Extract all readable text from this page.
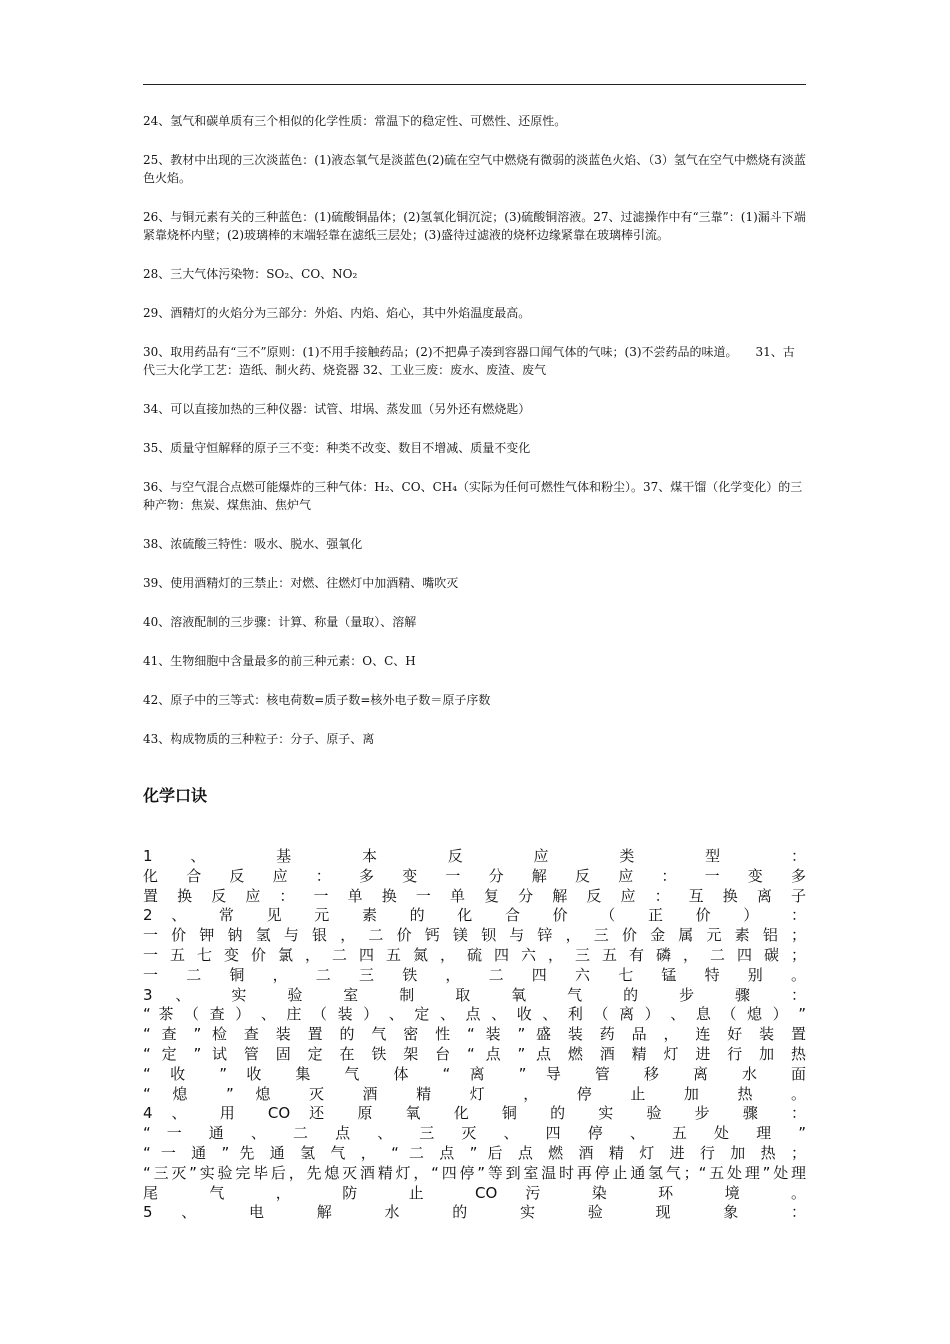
24、氢气和碳单质有三个相似的化学性质：常温下的稳定性、可燃性、还原性。

25、教材中出现的三次淡蓝色：(1)液态氧气是淡蓝色(2)硫在空气中燃烧有微弱的淡蓝色火焰、（3）氢气在空气中燃烧有淡蓝色火焰。

26、与铜元素有关的三种蓝色：(1)硫酸铜晶体；(2)氢氧化铜沉淀；(3)硫酸铜溶液。27、过滤操作中有“三靠”：(1)漏斗下端紧靠烧杯内壁；(2)玻璃棒的末端轻靠在滤纸三层处；(3)盛待过滤液的烧杯边缘紧靠在玻璃棒引流。

28、三大气体污染物：SO₂、CO、NO₂

29、酒精灯的火焰分为三部分：外焰、内焰、焰心，其中外焰温度最高。

30、取用药品有“三不”原则：(1)不用手接触药品；(2)不把鼻子凑到容器口闻气体的气味；(3)不尝药品的味道。　　31、古代三大化学工艺：造纸、制火药、烧瓷器 32、工业三废：废水、废渣、废气

34、可以直接加热的三种仪器：试管、坩埚、蒸发皿（另外还有燃烧匙）

35、质量守恒解释的原子三不变：种类不改变、数目不增减、质量不变化

36、与空气混合点燃可能爆炸的三种气体：H₂、CO、CH₄（实际为任何可燃性气体和粉尘）。37、煤干馏（化学变化）的三种产物：焦炭、煤焦油、焦炉气

38、浓硫酸三特性：吸水、脱水、强氧化

39、使用酒精灯的三禁止：对燃、往燃灯中加酒精、嘴吹灭

40、溶液配制的三步骤：计算、称量（量取）、溶解

41、生物细胞中含量最多的前三种元素：O、C、H

42、原子中的三等式：核电荷数=质子数=核外电子数＝原子序数

43、构成物质的三种粒子：分子、原子、离

化学口诀
1 、 基 本 反 应 类 型 ：
化 合 反 应 ： 多 变 一 分 解 反 应 ： 一 变 多
置 换 反 应 ： 一 单 换 一 单 复 分 解 反 应 ： 互 换 离 子
2 、 常 见 元 素 的 化 合 价 （ 正 价 ） ：
一 价 钾 钠 氢 与 银 ， 二 价 钙 镁 钡 与 锌 ， 三 价 金 属 元 素 铝 ；
一 五 七 变 价 氯 ， 二 四 五 氮 ， 硫 四 六 ， 三 五 有 磷 ， 二 四 碳 ；
一 二 铜 ， 二 三 铁 ， 二 四 六 七 锰 特 别 。
3 、 实 验 室 制 取 氧 气 的 步 骤 ：
“ 茶 （ 查 ） 、 庄 （ 装 ） 、 定 、 点 、 收 、 利 （ 离 ） 、 息 （ 熄 ） ”
“ 查 ” 检 查 装 置 的 气 密 性 “ 装 ” 盛 装 药 品 ， 连 好 装 置
“ 定 ” 试 管 固 定 在 铁 架 台 “ 点 ” 点 燃 酒 精 灯 进 行 加 热
“ 收 ” 收 集 气 体 “ 离 ” 导 管 移 离 水 面
“ 熄 ” 熄 灭 酒 精 灯 ， 停 止 加 热 。
4 、 用 CO 还 原 氧 化 铜 的 实 验 步 骤 ：
“ 一 通 、 二 点 、 三 灭 、 四 停 、 五 处 理 ”
“ 一 通 ” 先 通 氢 气 ， “ 二 点 ” 后 点 燃 酒 精 灯 进 行 加 热 ；
“三灭”实验完毕后，先熄灭酒精灯，“四停”等到室温时再停止通氢气；“五处理”处理
尾 气 ， 防 止 CO 污 染 环 境 。
5 、 电 解 水 的 实 验 现 象 ：
